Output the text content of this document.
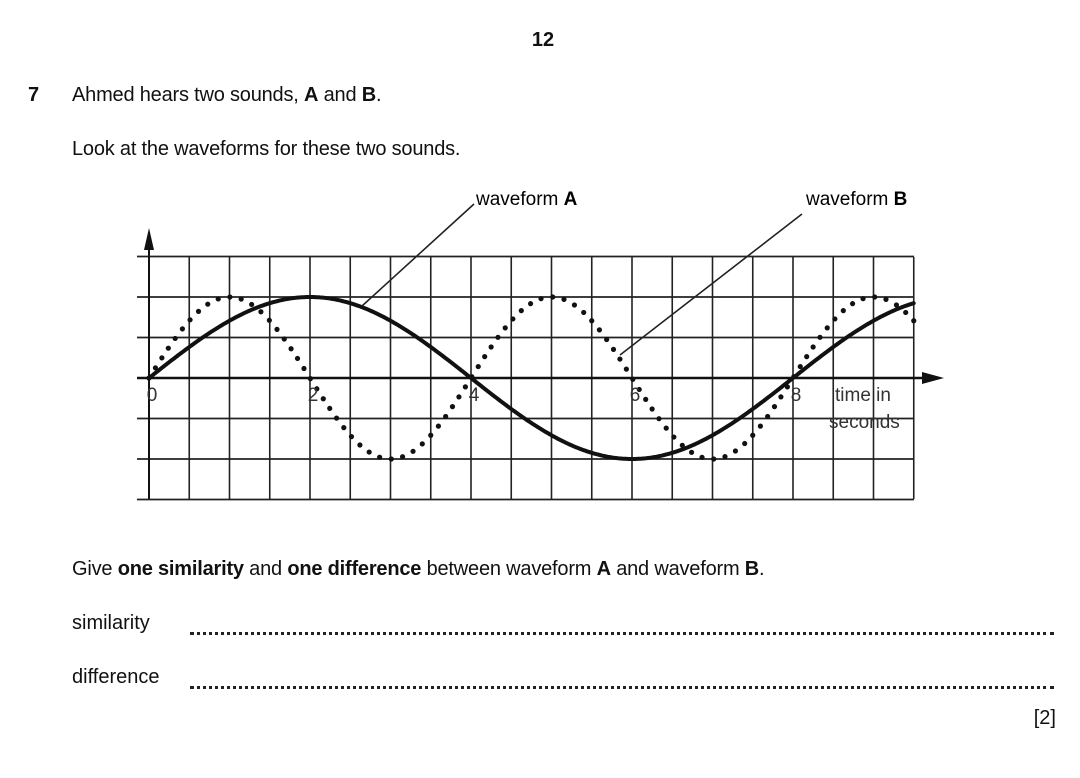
12
7 Ahmed hears two sounds, A and B.
Look at the waveforms for these two sounds.
0	2	4	6	8
waveform A	waveform B
time in
seconds
Give one similarity and one difference between waveform A and waveform B.
similarity
difference
[2]
